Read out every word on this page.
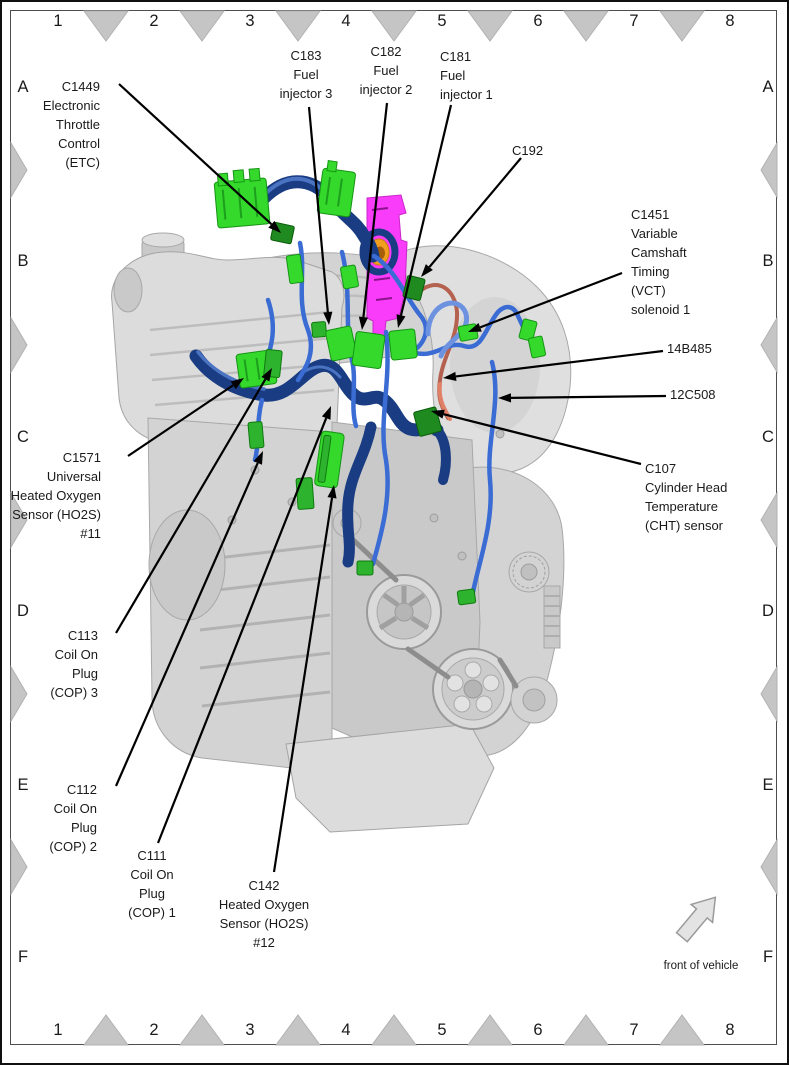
1
1
2
2
3
3
4
4
5
5
6
6
7
7
8
8
A	A
B	B
C	C
D	D
E	E
F	F
C1449
Electronic
Throttle
Control
(ETC)
C183
Fuel
injector 3
C182
Fuel
injector 2
C181
Fuel
injector 1
C192
C1451
Variable
Camshaft
Timing
(VCT)
solenoid 1
14B485
12C508
C107
Cylinder Head
Temperature
(CHT) sensor
C1571
Universal
Heated Oxygen
Sensor (HO2S)
#11
C113
Coil On
Plug
(COP) 3
C112
Coil On
Plug
(COP) 2
C111
Coil On
Plug
(COP) 1
C142
Heated Oxygen
Sensor (HO2S)
#12
front of vehicle
